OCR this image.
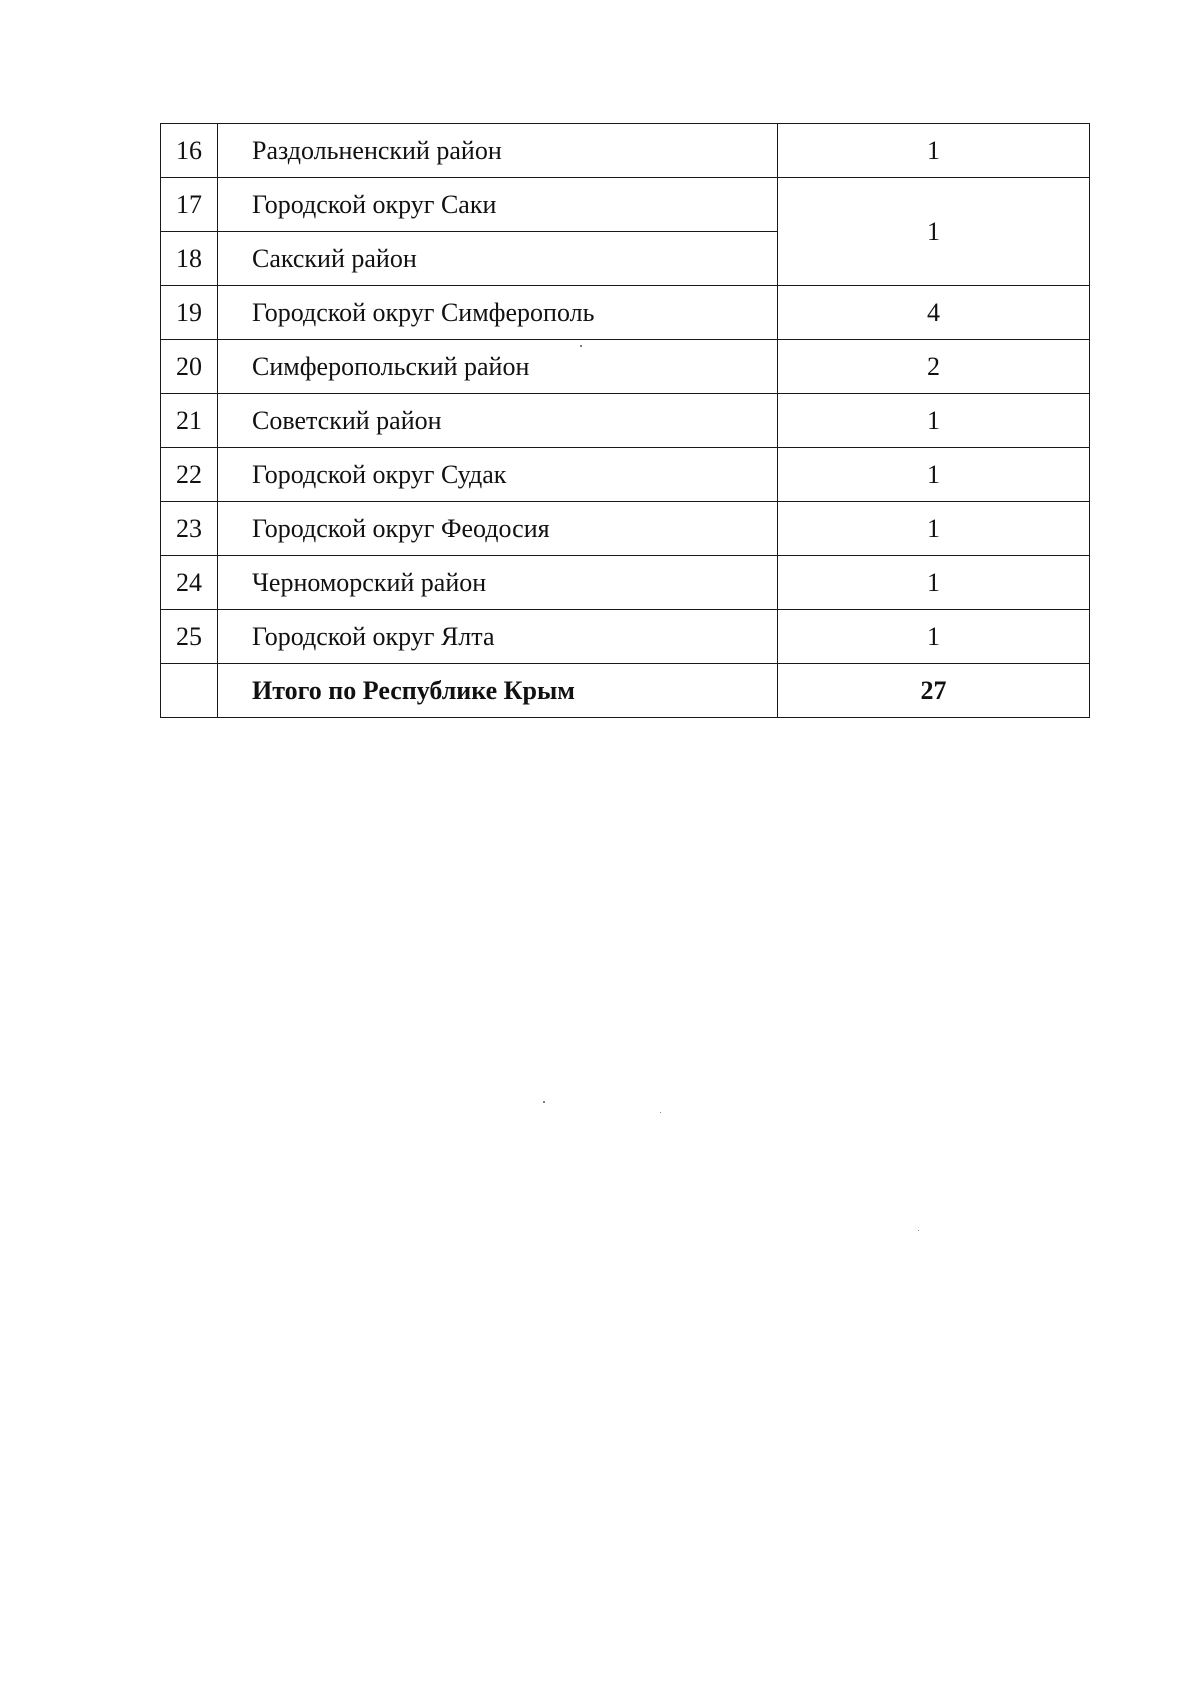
16	Раздольненский район	1
17	Городской округ Саки	1
18	Сакский район	
19	Городской округ Симферополь	4
20	Симферопольский район	2
21	Советский район	1
22	Городской округ Судак	1
23	Городской округ Феодосия	1
24	Черноморский район	1
25	Городской округ Ялта	1
	Итого по Республике Крым	27
